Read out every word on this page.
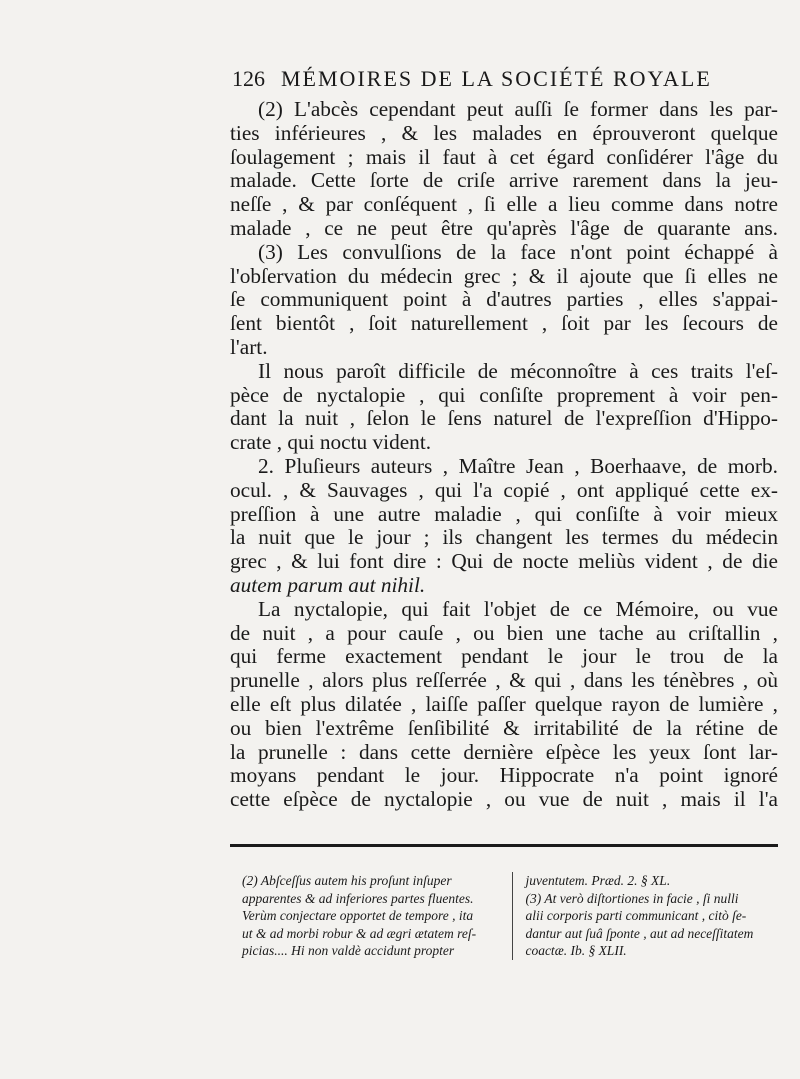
126 MÉMOIRES DE LA SOCIÉTÉ ROYALE
(2) L'abcès cependant peut auſſi ſe former dans les par-
ties inférieures , & les malades en éprouveront quelque
ſoulagement ; mais il faut à cet égard conſidérer l'âge du
malade. Cette ſorte de criſe arrive rarement dans la jeu-
neſſe , & par conſéquent , ſi elle a lieu comme dans notre
malade , ce ne peut être qu'après l'âge de quarante ans.
(3) Les convulſions de la face n'ont point échappé à
l'obſervation du médecin grec ; & il ajoute que ſi elles ne
ſe communiquent point à d'autres parties , elles s'appai-
ſent bientôt , ſoit naturellement , ſoit par les ſecours de
l'art.
Il nous paroît difficile de méconnoître à ces traits l'eſ-
pèce de nyctalopie , qui conſiſte proprement à voir pen-
dant la nuit , ſelon le ſens naturel de l'expreſſion d'Hippo-
crate , qui noctu vident.
2. Pluſieurs auteurs , Maître Jean , Boerhaave, de morb.
ocul. , & Sauvages , qui l'a copié , ont appliqué cette ex-
preſſion à une autre maladie , qui conſiſte à voir mieux
la nuit que le jour ; ils changent les termes du médecin
grec , & lui font dire : Qui de nocte meliùs vident , de die
autem parum aut nihil.
La nyctalopie, qui fait l'objet de ce Mémoire, ou vue
de nuit , a pour cauſe , ou bien une tache au criſtallin ,
qui ferme exactement pendant le jour le trou de la
prunelle , alors plus reſſerrée , & qui , dans les ténèbres , où
elle eſt plus dilatée , laiſſe paſſer quelque rayon de lumière ,
ou bien l'extrême ſenſibilité & irritabilité de la rétine de
la prunelle : dans cette dernière eſpèce les yeux ſont lar-
moyans pendant le jour. Hippocrate n'a point ignoré
cette eſpèce de nyctalopie , ou vue de nuit , mais il l'a
(2) Abſceſſus autem his proſunt inſuper
apparentes & ad inferiores partes fluentes.
Verùm conjectare opportet de tempore , ita
ut & ad morbi robur & ad ægri ætatem reſ-
picias.... Hi non valdè accidunt propter
juventutem. Præd. 2. § XL.
(3) At verò diſtortiones in facie , ſi nulli
alii corporis parti communicant , citò ſe-
dantur aut ſuâ ſponte , aut ad neceſſitatem
coactæ. Ib. § XLII.
